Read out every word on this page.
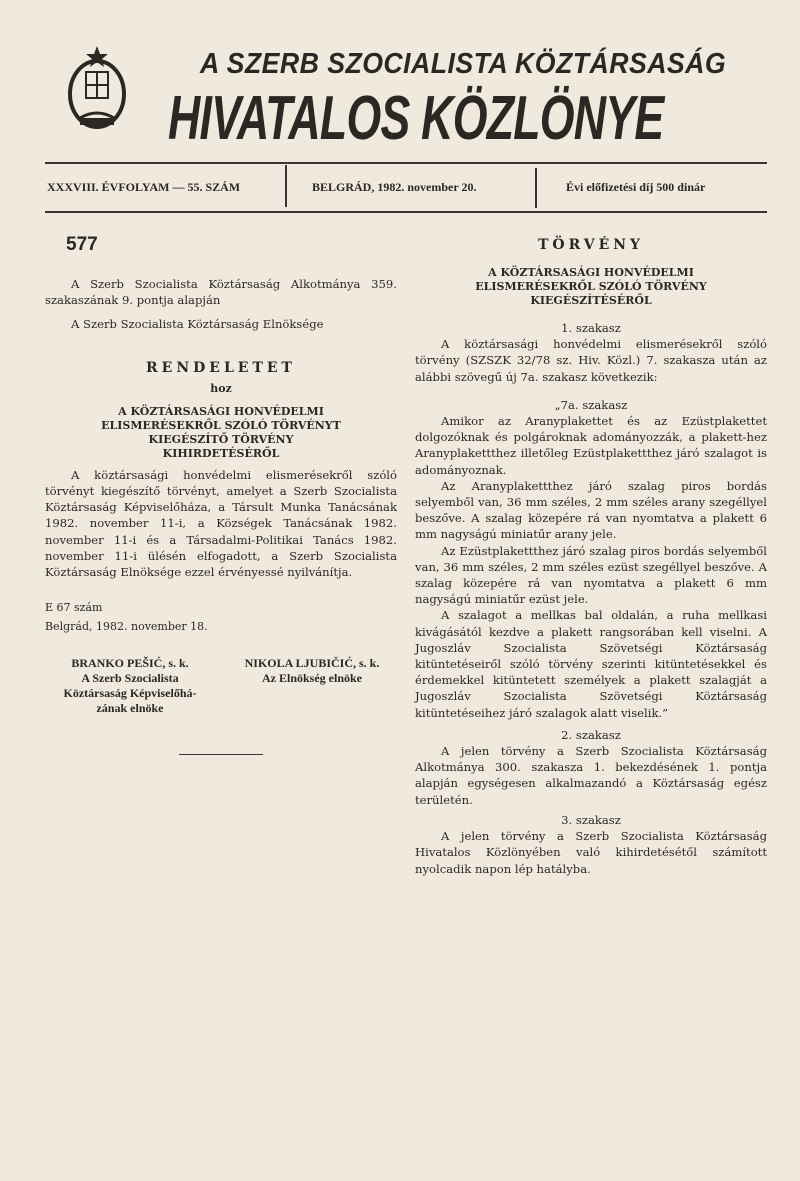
A SZERB SZOCIALISTA KÖZTÁRSASÁG
HIVATALOS KÖZLÖNYE
XXXVIII. ÉVFOLYAM — 55. SZÁM	BELGRÁD, 1982. november 20.	Évi előfizetési díj 500 dinár
577

A Szerb Szocialista Köztársaság Alkotmánya 359. szakaszának 9. pontja alapján

A Szerb Szocialista Köztársaság Elnöksége

RENDELETET
hoz
A KÖZTÁRSASÁGI HONVÉDELMI
ELISMERÉSEKRŐL SZÓLÓ TÖRVÉNYT
KIEGÉSZÍTŐ TÖRVÉNY
KIHIRDETÉSÉRŐL

A köztársasági honvédelmi elismerésekről szóló törvényt kiegészítő törvényt, amelyet a Szerb Szocialista Köztársaság Képviselőháza, a Társult Munka Tanácsának 1982. november 11-i, a Községek Tanácsának 1982. november 11-i és a Társadalmi-Politikai Tanács 1982. november 11-i ülésén elfogadott, a Szerb Szocialista Köztársaság Elnöksége ezzel érvényessé nyilvánítja.

E 67 szám
Belgrád, 1982. november 18.
BRANKO PEŠIĆ, s. k.
A Szerb Szocialista
Köztársaság Képviselőhá-
zának elnöke
NIKOLA LJUBIČIĆ, s. k.
Az Elnökség elnöke
TÖRVÉNY
A KÖZTÁRSASÁGI HONVÉDELMI
ELISMERÉSEKRŐL SZÓLÓ TÖRVÉNY
KIEGÉSZÍTÉSÉRŐL
1. szakasz

A köztársasági honvédelmi elismerésekről szóló törvény (SZSZK 32/78 sz. Hiv. Közl.) 7. szakasza után az alábbi szövegű új 7a. szakasz következik:

„7a. szakasz

Amikor az Aranyplakettet és az Ezüstplakettet dolgozóknak és polgároknak adományozzák, a plakett-hez Aranyplakettthez illetőleg Ezüstplakettthez járó szalagot is adományoznak.

Az Aranyplakettthez járó szalag piros bordás selyemből van, 36 mm széles, 2 mm széles arany szegéllyel beszőve. A szalag közepére rá van nyomtatva a plakett 6 mm nagyságú miniatűr arany jele.

Az Ezüstplakettthez járó szalag piros bordás selyemből van, 36 mm széles, 2 mm széles ezüst szegéllyel beszőve. A szalag közepére rá van nyomtatva a plakett 6 mm nagyságú miniatűr ezüst jele.

A szalagot a mellkas bal oldalán, a ruha mellkasi kivágásától kezdve a plakett rangsorában kell viselni. A Jugoszláv Szocialista Szövetségi Köztársaság kitüntetéseiről szóló törvény szerinti kitüntetésekkel és érdemekkel kitüntetett személyek a plakett szalagját a Jugoszláv Szocialista Szövetségi Köztársaság kitüntetéseihez járó szalagok alatt viselik.”

2. szakasz

A jelen törvény a Szerb Szocialista Köztársaság Alkotmánya 300. szakasza 1. bekezdésének 1. pontja alapján egységesen alkalmazandó a Köztársaság egész területén.

3. szakasz

A jelen törvény a Szerb Szocialista Köztársaság Hivatalos Közlönyében való kihirdetésétől számított nyolcadik napon lép hatályba.
